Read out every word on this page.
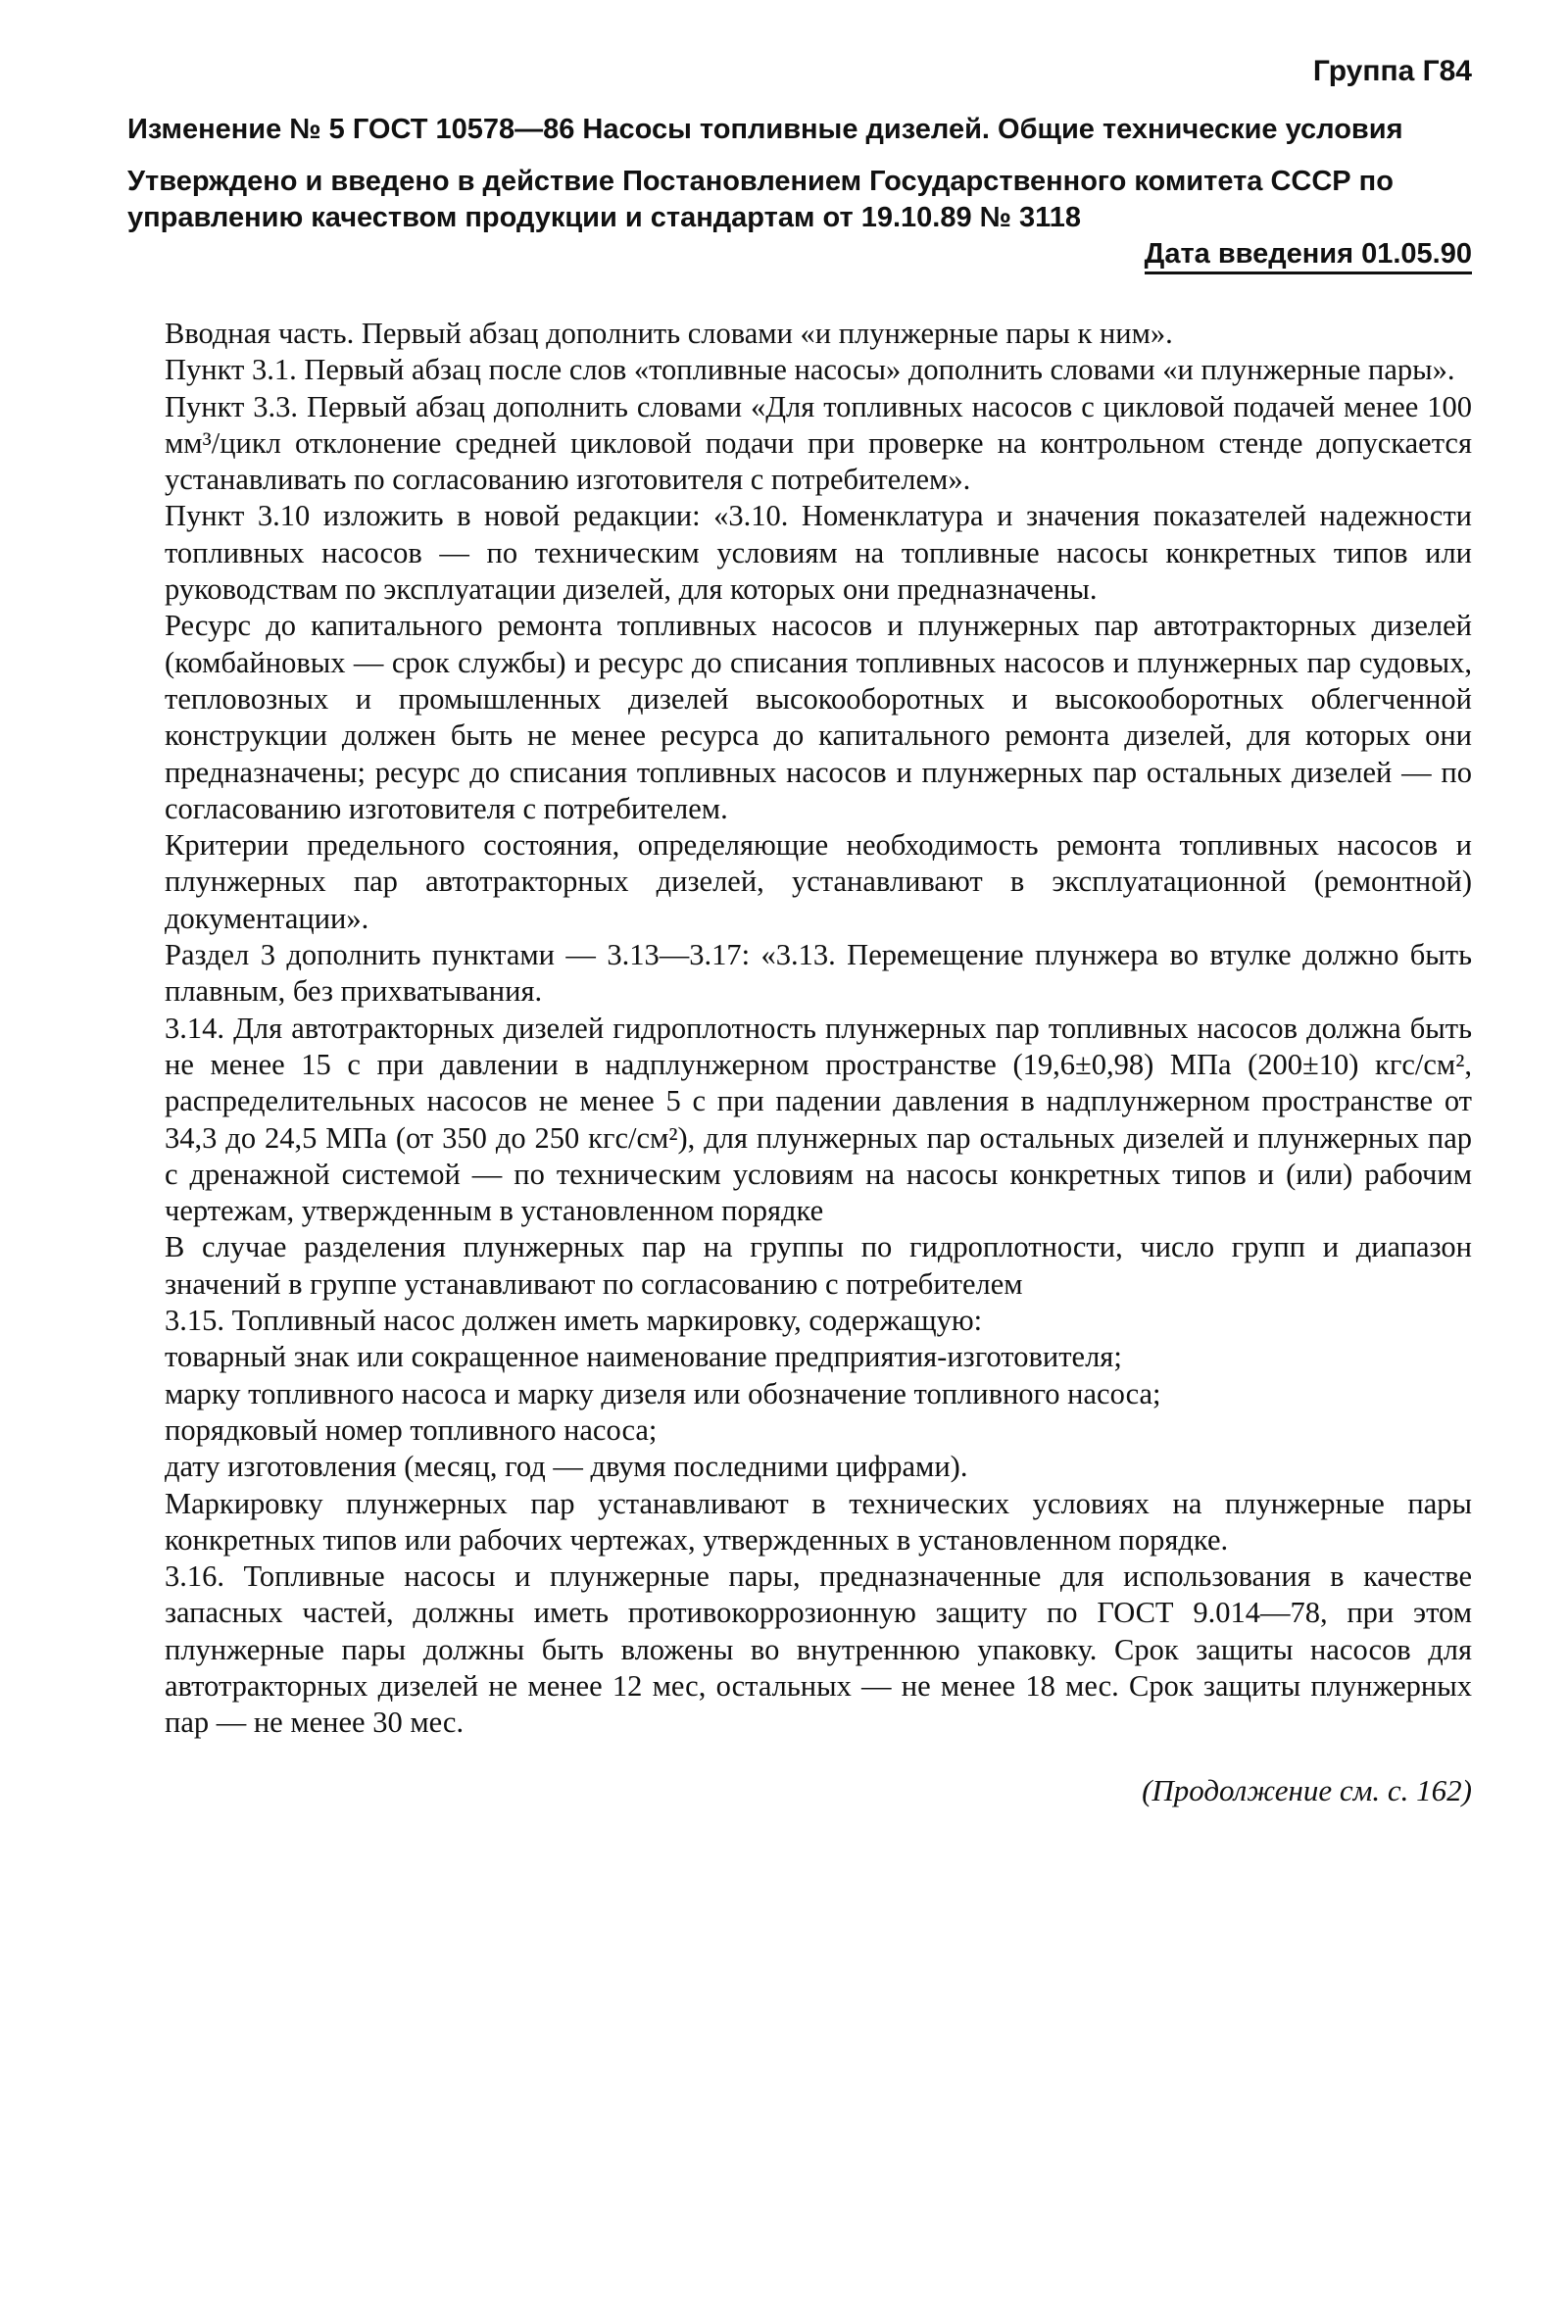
Группа Г84
Изменение № 5 ГОСТ 10578—86 Насосы топливные дизелей. Общие технические условия
Утверждено и введено в действие Постановлением Государственного комитета СССР по управлению качеством продукции и стандартам от 19.10.89 № 3118
Дата введения 01.05.90

Вводная часть. Первый абзац дополнить словами «и плунжерные пары к ним».

Пункт 3.1. Первый абзац после слов «топливные насосы» дополнить словами «и плунжерные пары».

Пункт 3.3. Первый абзац дополнить словами «Для топливных насосов с цикловой подачей менее 100 мм³/цикл отклонение средней цикловой подачи при проверке на контрольном стенде допускается устанавливать по согласованию изготовителя с потребителем».

Пункт 3.10 изложить в новой редакции: «3.10. Номенклатура и значения показателей надежности топливных насосов — по техническим условиям на топливные насосы конкретных типов или руководствам по эксплуатации дизелей, для которых они предназначены.

Ресурс до капитального ремонта топливных насосов и плунжерных пар автотракторных дизелей (комбайновых — срок службы) и ресурс до списания топливных насосов и плунжерных пар судовых, тепловозных и промышленных дизелей высокооборотных и высокооборотных облегченной конструкции должен быть не менее ресурса до капитального ремонта дизелей, для которых они предназначены; ресурс до списания топливных насосов и плунжерных пар остальных дизелей — по согласованию изготовителя с потребителем.

Критерии предельного состояния, определяющие необходимость ремонта топливных насосов и плунжерных пар автотракторных дизелей, устанавливают в эксплуатационной (ремонтной) документации».

Раздел 3 дополнить пунктами — 3.13—3.17: «3.13. Перемещение плунжера во втулке должно быть плавным, без прихватывания.

3.14. Для автотракторных дизелей гидроплотность плунжерных пар топливных насосов должна быть не менее 15 с при давлении в надплунжерном пространстве (19,6±0,98) МПа (200±10) кгс/см², распределительных насосов не менее 5 с при падении давления в надплунжерном пространстве от 34,3 до 24,5 МПа (от 350 до 250 кгс/см²), для плунжерных пар остальных дизелей и плунжерных пар с дренажной системой — по техническим условиям на насосы конкретных типов и (или) рабочим чертежам, утвержденным в установленном порядке

В случае разделения плунжерных пар на группы по гидроплотности, число групп и диапазон значений в группе устанавливают по согласованию с потребителем

3.15. Топливный насос должен иметь маркировку, содержащую:

товарный знак или сокращенное наименование предприятия-изготовителя;

марку топливного насоса и марку дизеля или обозначение топливного насоса;

порядковый номер топливного насоса;

дату изготовления (месяц, год — двумя последними цифрами).

Маркировку плунжерных пар устанавливают в технических условиях на плунжерные пары конкретных типов или рабочих чертежах, утвержденных в установленном порядке.

3.16. Топливные насосы и плунжерные пары, предназначенные для использования в качестве запасных частей, должны иметь противокоррозионную защиту по ГОСТ 9.014—78, при этом плунжерные пары должны быть вложены во внутреннюю упаковку. Срок защиты насосов для автотракторных дизелей не менее 12 мес, остальных — не менее 18 мес. Срок защиты плунжерных пар — не менее 30 мес.

(Продолжение см. с. 162)
